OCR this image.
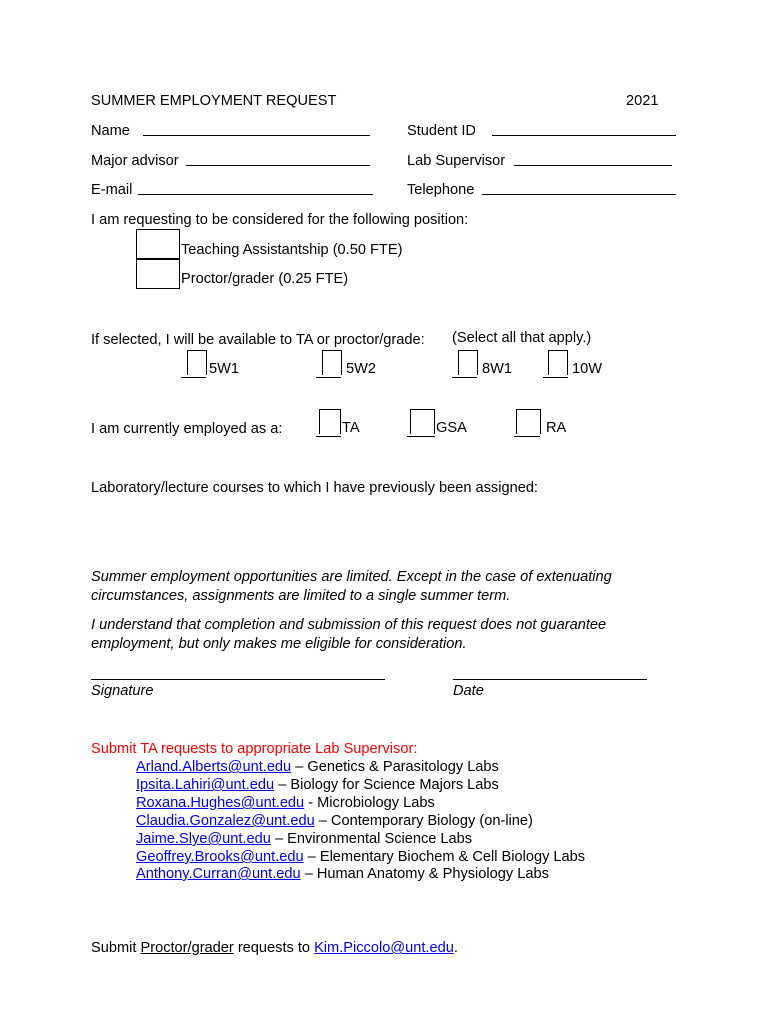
SUMMER EMPLOYMENT REQUEST	2021
Name	Student ID
Major advisor	Lab Supervisor
E-mail	Telephone
I am requesting to be considered for the following position:
Teaching Assistantship (0.50 FTE)
Proctor/grader (0.25 FTE)
If selected, I will be available to TA or proctor/grade: (Select all that apply.)
5W1	5W2	8W1	10W
I am currently employed as a:	TA	GSA	RA
Laboratory/lecture courses to which I have previously been assigned:
Summer employment opportunities are limited. Except in the case of extenuating
circumstances, assignments are limited to a single summer term.
I understand that completion and submission of this request does not guarantee
employment, but only makes me eligible for consideration.
Signature	Date
Submit TA requests to appropriate Lab Supervisor:
Arland.Alberts@unt.edu – Genetics & Parasitology Labs
Ipsita.Lahiri@unt.edu – Biology for Science Majors Labs
Roxana.Hughes@unt.edu - Microbiology Labs
Claudia.Gonzalez@unt.edu – Contemporary Biology (on-line)
Jaime.Slye@unt.edu – Environmental Science Labs
Geoffrey.Brooks@unt.edu – Elementary Biochem & Cell Biology Labs
Anthony.Curran@unt.edu – Human Anatomy & Physiology Labs
Submit Proctor/grader requests to Kim.Piccolo@unt.edu.
